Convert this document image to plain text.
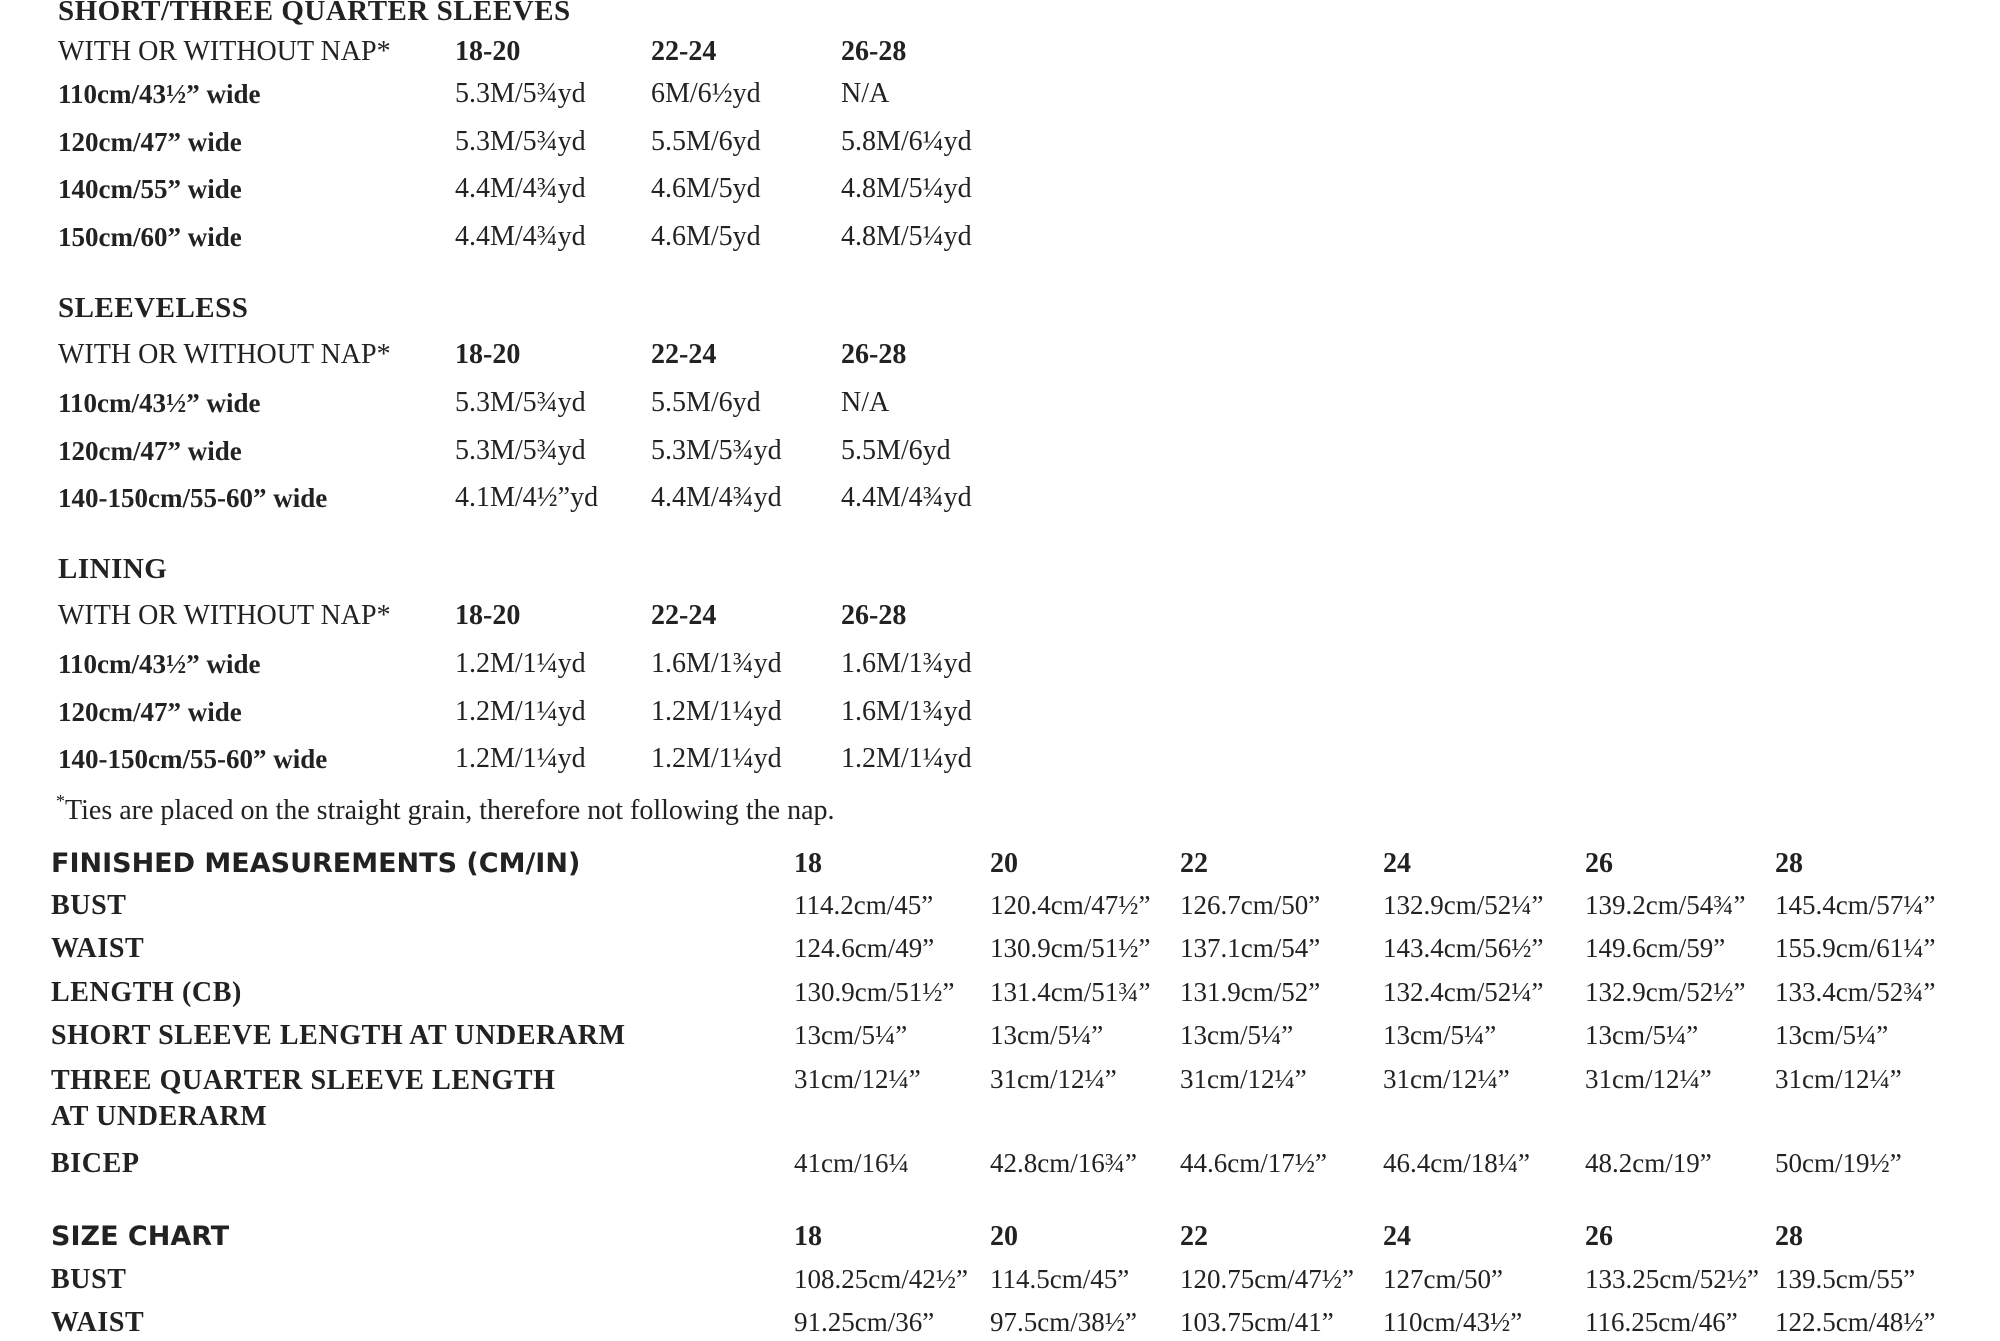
SHORT/THREE QUARTER SLEEVES
WITH OR WITHOUT NAP* 18-20	22-24	26-28
110cm/43½” wide	5.3M/5¾yd 6M/6½yd	N/A
120cm/47” wide	5.3M/5¾yd 5.5M/6yd	5.8M/6¼yd
140cm/55” wide	4.4M/4¾yd 4.6M/5yd	4.8M/5¼yd
150cm/60” wide	4.4M/4¾yd 4.6M/5yd	4.8M/5¼yd
SLEEVELESS
WITH OR WITHOUT NAP* 18-20	22-24	26-28
110cm/43½” wide	5.3M/5¾yd 5.5M/6yd	N/A
120cm/47” wide	5.3M/5¾yd 5.3M/5¾yd 5.5M/6yd
140-150cm/55-60” wide	4.1M/4½”yd 4.4M/4¾yd 4.4M/4¾yd
LINING
WITH OR WITHOUT NAP* 18-20	22-24	26-28
110cm/43½” wide	1.2M/1¼yd 1.6M/1¾yd 1.6M/1¾yd
120cm/47” wide	1.2M/1¼yd 1.2M/1¼yd 1.6M/1¾yd
140-150cm/55-60” wide	1.2M/1¼yd 1.2M/1¼yd 1.2M/1¼yd
*Ties are placed on the straight grain, therefore not following the nap.
FINISHED MEASUREMENTS (CM/IN)	18	20	22	24	26	28
BUST	114.2cm/45” 120.4cm/47½” 126.7cm/50” 132.9cm/52¼” 139.2cm/54¾” 145.4cm/57¼”
WAIST	124.6cm/49” 130.9cm/51½” 137.1cm/54” 143.4cm/56½” 149.6cm/59” 155.9cm/61¼”
LENGTH (CB)	130.9cm/51½” 131.4cm/51¾” 131.9cm/52” 132.4cm/52¼” 132.9cm/52½” 133.4cm/52¾”
SHORT SLEEVE LENGTH AT UNDERARM	13cm/5¼”	13cm/5¼”	13cm/5¼”	13cm/5¼”	13cm/5¼”	13cm/5¼”
THREE QUARTER SLEEVE LENGTH
AT UNDERARM
31cm/12¼”	31cm/12¼” 31cm/12¼”	31cm/12¼”	31cm/12¼” 31cm/12¼”
BICEP	41cm/16¼	42.8cm/16¾” 44.6cm/17½” 46.4cm/18¼” 48.2cm/19” 50cm/19½”
SIZE CHART	18	20	22	24	26	28
BUST	108.25cm/42½” 114.5cm/45” 120.75cm/47½” 127cm/50”	133.25cm/52½” 139.5cm/55”
WAIST	91.25cm/36” 97.5cm/38½” 103.75cm/41” 110cm/43½” 116.25cm/46” 122.5cm/48½”
